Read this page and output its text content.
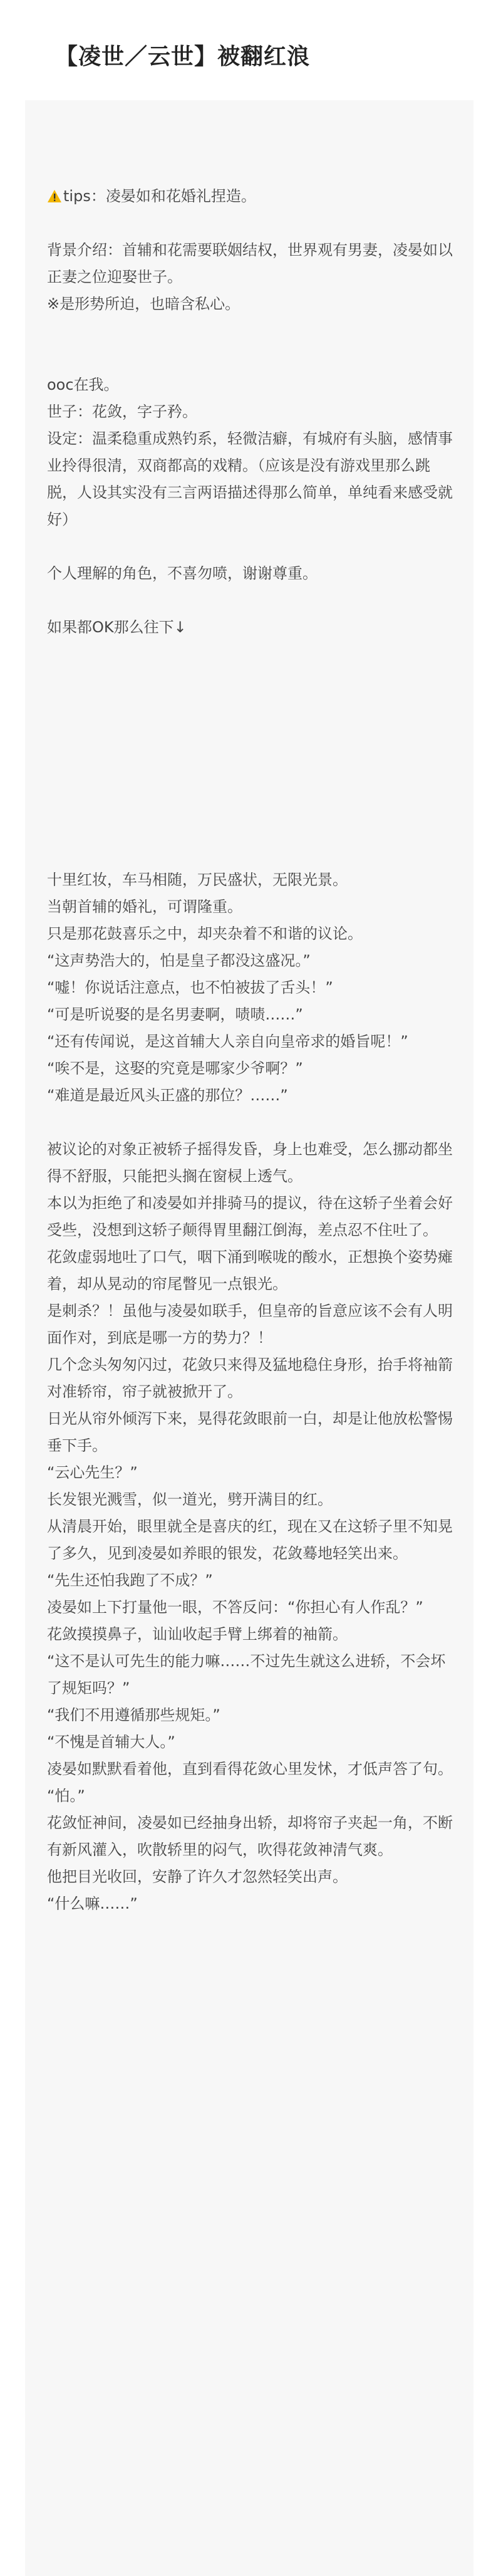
【凌世／云世】被翻红浪

tips：凌晏如和花婚礼捏造。

背景介绍：首辅和花需要联姻结权，世界观有男妻，凌晏如以正妻之位迎娶世子。

※是形势所迫，也暗含私心。

ooc在我。

世子：花敛，字子矜。

设定：温柔稳重成熟钓系，轻微洁癖，有城府有头脑，感情事业拎得很清，双商都高的戏精。（应该是没有游戏里那么跳脱，人设其实没有三言两语描述得那么简单，单纯看来感受就好）

个人理解的角色，不喜勿喷，谢谢尊重。

如果都OK那么往下↓

十里红妆，车马相随，万民盛状，无限光景。

当朝首辅的婚礼，可谓隆重。

只是那花鼓喜乐之中，却夹杂着不和谐的议论。

“这声势浩大的，怕是皇子都没这盛况。”

“嘘！你说话注意点，也不怕被拔了舌头！”

“可是听说娶的是名男妻啊，啧啧……”

“还有传闻说，是这首辅大人亲自向皇帝求的婚旨呢！”

“唉不是，这娶的究竟是哪家少爷啊？”

“难道是最近风头正盛的那位？……”

被议论的对象正被轿子摇得发昏，身上也难受，怎么挪动都坐得不舒服，只能把头搁在窗棂上透气。

本以为拒绝了和凌晏如并排骑马的提议，待在这轿子坐着会好受些，没想到这轿子颠得胃里翻江倒海，差点忍不住吐了。

花敛虚弱地吐了口气，咽下涌到喉咙的酸水，正想换个姿势瘫着，却从晃动的帘尾瞥见一点银光。

是刺杀？！虽他与凌晏如联手，但皇帝的旨意应该不会有人明面作对，到底是哪一方的势力？！

几个念头匆匆闪过，花敛只来得及猛地稳住身形，抬手将袖箭对准轿帘，帘子就被掀开了。

日光从帘外倾泻下来，晃得花敛眼前一白，却是让他放松警惕垂下手。

“云心先生？”

长发银光溅雪，似一道光，劈开满目的红。

从清晨开始，眼里就全是喜庆的红，现在又在这轿子里不知晃了多久，见到凌晏如养眼的银发，花敛蓦地轻笑出来。

“先生还怕我跑了不成？”

凌晏如上下打量他一眼，不答反问：“你担心有人作乱？”

花敛摸摸鼻子，讪讪收起手臂上绑着的袖箭。

“这不是认可先生的能力嘛……不过先生就这么进轿，不会坏了规矩吗？”

“我们不用遵循那些规矩。”

“不愧是首辅大人。”

凌晏如默默看着他，直到看得花敛心里发怵，才低声答了句。

“怕。”

花敛怔神间，凌晏如已经抽身出轿，却将帘子夹起一角，不断有新风灌入，吹散轿里的闷气，吹得花敛神清气爽。

他把目光收回，安静了许久才忽然轻笑出声。

“什么嘛……”
